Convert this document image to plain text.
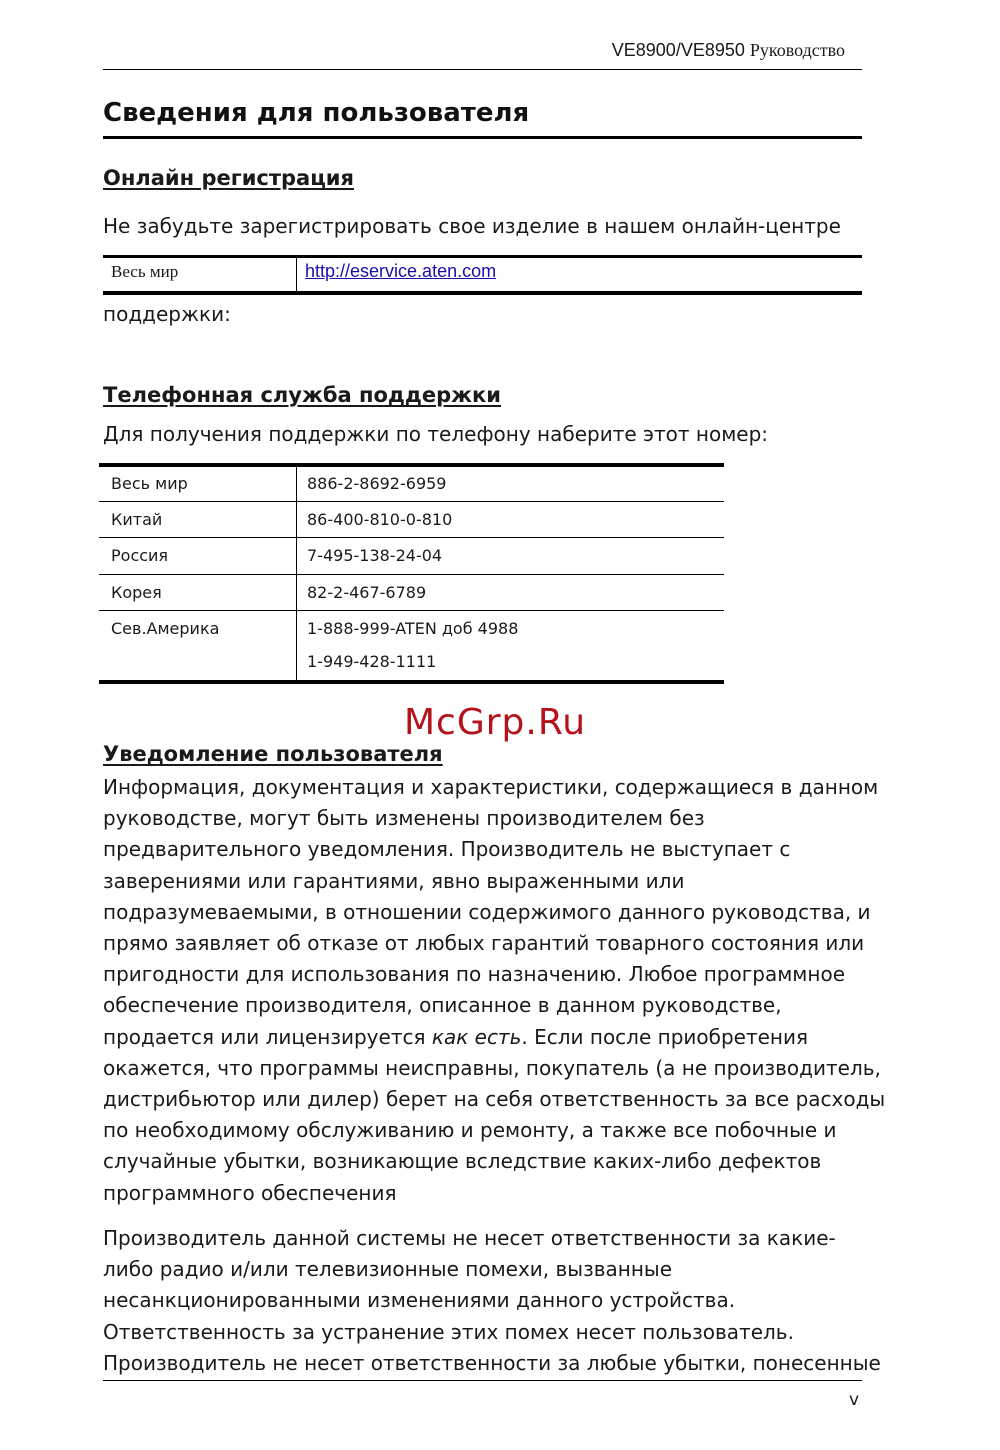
VE8900/VE8950 Руководство
Сведения для пользователя
Онлайн регистрация
Не забудьте зарегистрировать свое изделие в нашем онлайн-центре
Весь мир	http://eservice.aten.com
поддержки:
Телефонная служба поддержки
Для получения поддержки по телефону наберите этот номер:
Весь мир	886-2-8692-6959
Китай	86-400-810-0-810
Россия	7-495-138-24-04
Корея	82-2-467-6789
Сев.Америка	1-888-999-ATEN доб 4988
1-949-428-1111
McGrp.Ru
Уведомление пользователя
Информация, документация и характеристики, содержащиеся в данном
руководстве, могут быть изменены производителем без
предварительного уведомления. Производитель не выступает с
заверениями или гарантиями, явно выраженными или
подразумеваемыми, в отношении содержимого данного руководства, и
прямо заявляет об отказе от любых гарантий товарного состояния или
пригодности для использования по назначению. Любое программное
обеспечение производителя, описанное в данном руководстве,
продается или лицензируется как есть. Если после приобретения
окажется, что программы неисправны, покупатель (а не производитель,
дистрибьютор или дилер) берет на себя ответственность за все расходы
по необходимому обслуживанию и ремонту, а также все побочные и
случайные убытки, возникающие вследствие каких-либо дефектов
программного обеспечения
Производитель данной системы не несет ответственности за какие-
либо радио и/или телевизионные помехи, вызванные
несанкционированными изменениями данного устройства.
Ответственность за устранение этих помех несет пользователь.
Производитель не несет ответственности за любые убытки, понесенные
v
